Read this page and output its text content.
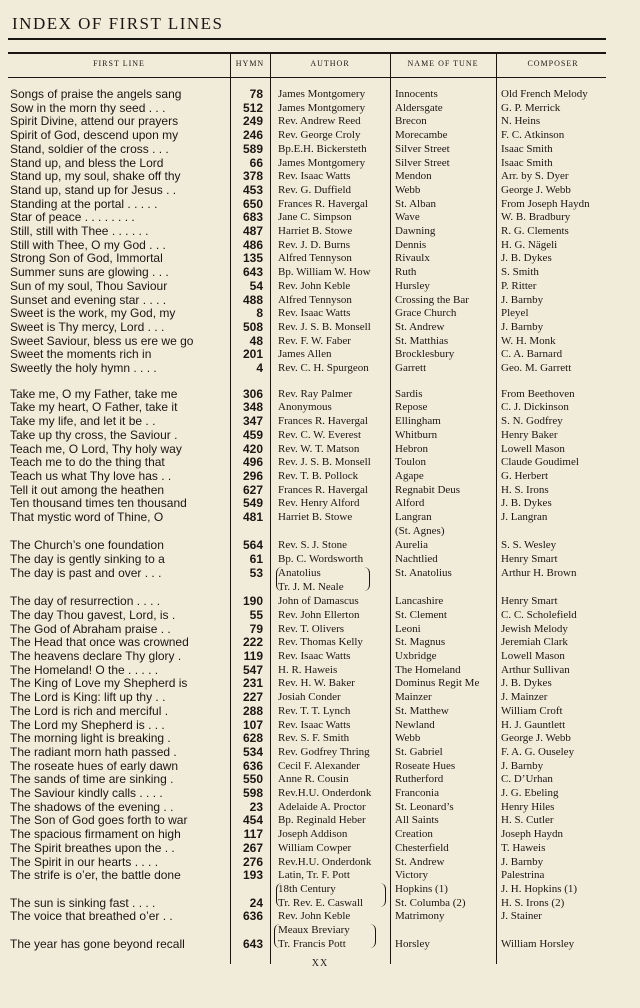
INDEX OF FIRST LINES
FIRST LINE	HYMN	AUTHOR	NAME OF TUNE	COMPOSER
Songs of praise the angels sang	78 James Montgomery	Innocents	Old French Melody
Sow in the morn thy seed . . .	512 James Montgomery	Aldersgate	G. P. Merrick
Spirit Divine, attend our prayers	249 Rev. Andrew Reed	Brecon	N. Heins
Spirit of God, descend upon my	246 Rev. George Croly	Morecambe	F. C. Atkinson
Stand, soldier of the cross . . .	589 Bp.E.H. Bickersteth	Silver Street	Isaac Smith
Stand up, and bless the Lord	66 James Montgomery	Silver Street	Isaac Smith
Stand up, my soul, shake off thy	378 Rev. Isaac Watts	Mendon	Arr. by S. Dyer
Stand up, stand up for Jesus . .	453 Rev. G. Duffield	Webb	George J. Webb
Standing at the portal . . . . .	650 Frances R. Havergal	St. Alban	From Joseph Haydn
Star of peace . . . . . . . .	683 Jane C. Simpson	Wave	W. B. Bradbury
Still, still with Thee . . . . . .	487 Harriet B. Stowe	Dawning	R. G. Clements
Still with Thee, O my God . . .	486 Rev. J. D. Burns	Dennis	H. G. Nägeli
Strong Son of God, Immortal	135 Alfred Tennyson	Rivaulx	J. B. Dykes
Summer suns are glowing . . .	643 Bp. William W. How	Ruth	S. Smith
Sun of my soul, Thou Saviour	54 Rev. John Keble	Hursley	P. Ritter
Sunset and evening star . . . .	488 Alfred Tennyson	Crossing the Bar	J. Barnby
Sweet is the work, my God, my	8 Rev. Isaac Watts	Grace Church	Pleyel
Sweet is Thy mercy, Lord . . .	508 Rev. J. S. B. Monsell	St. Andrew	J. Barnby
Sweet Saviour, bless us ere we go	48 Rev. F. W. Faber	St. Matthias	W. H. Monk
Sweet the moments rich in	201 James Allen	Brocklesbury	C. A. Barnard
Sweetly the holy hymn . . . .	4 Rev. C. H. Spurgeon	Garrett	Geo. M. Garrett
Take me, O my Father, take me	306 Rev. Ray Palmer	Sardis	From Beethoven
Take my heart, O Father, take it	348 Anonymous	Repose	C. J. Dickinson
Take my life, and let it be . .	347 Frances R. Havergal	Ellingham	S. N. Godfrey
Take up thy cross, the Saviour .	459 Rev. C. W. Everest	Whitburn	Henry Baker
Teach me, O Lord, Thy holy way	420 Rev. W. T. Matson	Hebron	Lowell Mason
Teach me to do the thing that	496 Rev. J. S. B. Monsell	Toulon	Claude Goudimel
Teach us what Thy love has . .	296 Rev. T. B. Pollock	Agape	G. Herbert
Tell it out among the heathen	627 Frances R. Havergal	Regnabit Deus	H. S. Irons
Ten thousand times ten thousand	549 Rev. Henry Alford	Alford	J. B. Dykes
That mystic word of Thine, O	481 Harriet B. Stowe	Langran	J. Langran
(St. Agnes)
The Church’s one foundation	564 Rev. S. J. Stone	Aurelia	S. S. Wesley
The day is gently sinking to a	61 Bp. C. Wordsworth	Nachtlied	Henry Smart
The day is past and over . . .	53 Anatolius	St. Anatolius	Arthur H. Brown
Tr. J. M. Neale
The day of resurrection . . . .	190 John of Damascus	Lancashire	Henry Smart
The day Thou gavest, Lord, is .	55 Rev. John Ellerton	St. Clement	C. C. Scholefield
The God of Abraham praise . .	79 Rev. T. Olivers	Leoni	Jewish Melody
The Head that once was crowned	222 Rev. Thomas Kelly	St. Magnus	Jeremiah Clark
The heavens declare Thy glory .	119 Rev. Isaac Watts	Uxbridge	Lowell Mason
The Homeland! O the . . . . .	547 H. R. Haweis	The Homeland	Arthur Sullivan
The King of Love my Shepherd is	231 Rev. H. W. Baker	Dominus Regit Me	J. B. Dykes
The Lord is King: lift up thy . .	227 Josiah Conder	Mainzer	J. Mainzer
The Lord is rich and merciful .	288 Rev. T. T. Lynch	St. Matthew	William Croft
The Lord my Shepherd is . . .	107 Rev. Isaac Watts	Newland	H. J. Gauntlett
The morning light is breaking .	628 Rev. S. F. Smith	Webb	George J. Webb
The radiant morn hath passed .	534 Rev. Godfrey Thring	St. Gabriel	F. A. G. Ouseley
The roseate hues of early dawn	636 Cecil F. Alexander	Roseate Hues	J. Barnby
The sands of time are sinking .	550 Anne R. Cousin	Rutherford	C. D’Urhan
The Saviour kindly calls . . . .	598 Rev.H.U. Onderdonk	Franconia	J. G. Ebeling
The shadows of the evening . .	23 Adelaide A. Proctor	St. Leonard’s	Henry Hiles
The Son of God goes forth to war	454 Bp. Reginald Heber	All Saints	H. S. Cutler
The spacious firmament on high	117 Joseph Addison	Creation	Joseph Haydn
The Spirit breathes upon the . .	267 William Cowper	Chesterfield	T. Haweis
The Spirit in our hearts . . . .	276 Rev.H.U. Onderdonk	St. Andrew	J. Barnby
The strife is o’er, the battle done	193 Latin, Tr. F. Pott	Victory	Palestrina
18th Century	Hopkins (1)	J. H. Hopkins (1)
The sun is sinking fast . . . .	24 Tr. Rev. E. Caswall	St. Columba (2)	H. S. Irons (2)
The voice that breathed o’er . .	636 Rev. John Keble	Matrimony	J. Stainer
Meaux Breviary
The year has gone beyond recall	643 Tr. Francis Pott	Horsley	William Horsley
XX
